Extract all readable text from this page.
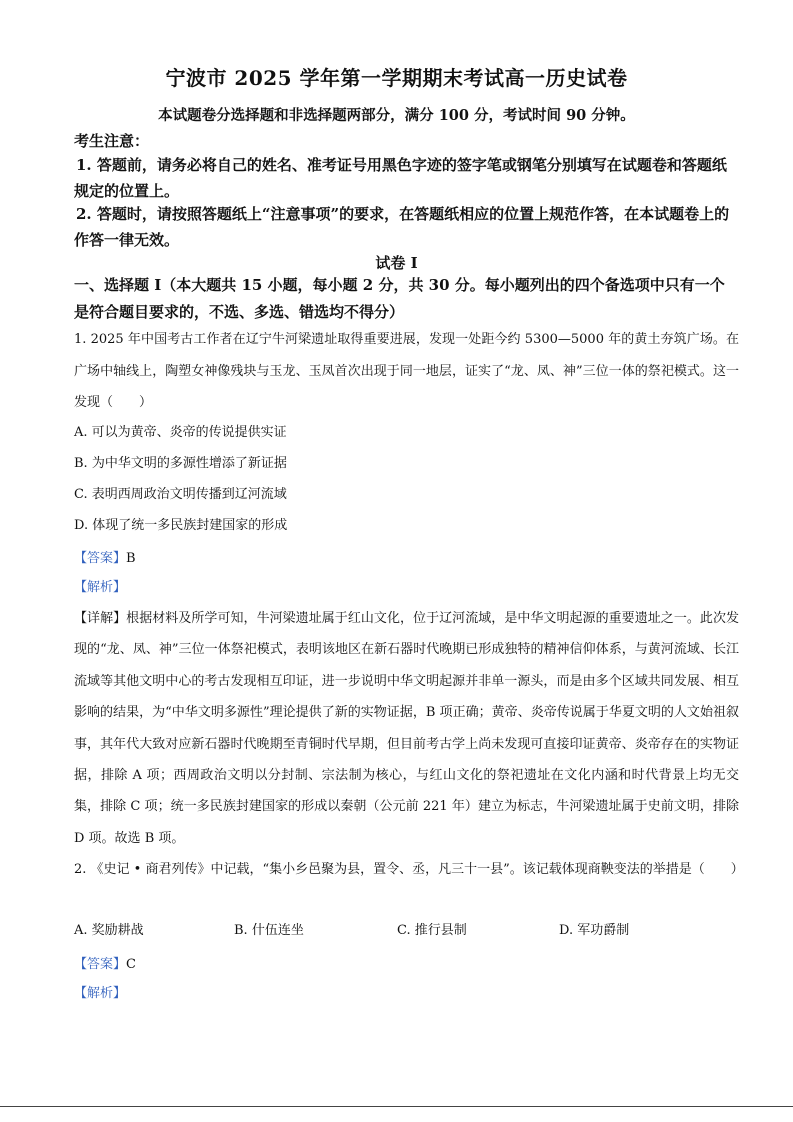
宁波市 2025 学年第一学期期末考试高一历史试卷
本试题卷分选择题和非选择题两部分，满分 100 分，考试时间 90 分钟。
考生注意：
1. 答题前，请务必将自己的姓名、准考证号用黑色字迹的签字笔或钢笔分别填写在试题卷和答题纸规定的位置上。
2. 答题时，请按照答题纸上“注意事项”的要求，在答题纸相应的位置上规范作答，在本试题卷上的作答一律无效。
试卷 I
一、选择题 I（本大题共 15 小题，每小题 2 分，共 30 分。每小题列出的四个备选项中只有一个是符合题目要求的，不选、多选、错选均不得分）
1. 2025 年中国考古工作者在辽宁牛河梁遗址取得重要进展，发现一处距今约 5300—5000 年的黄土夯筑广场。在广场中轴线上，陶塑女神像残块与玉龙、玉凤首次出现于同一地层，证实了“龙、凤、神”三位一体的祭祀模式。这一发现（　　）
A. 可以为黄帝、炎帝的传说提供实证
B. 为中华文明的多源性增添了新证据
C. 表明西周政治文明传播到辽河流域
D. 体现了统一多民族封建国家的形成
【答案】B
【解析】
【详解】根据材料及所学可知，牛河梁遗址属于红山文化，位于辽河流域，是中华文明起源的重要遗址之一。此次发现的“龙、凤、神”三位一体祭祀模式，表明该地区在新石器时代晚期已形成独特的精神信仰体系，与黄河流域、长江流域等其他文明中心的考古发现相互印证，进一步说明中华文明起源并非单一源头，而是由多个区域共同发展、相互影响的结果，为“中华文明多源性”理论提供了新的实物证据，B 项正确；黄帝、炎帝传说属于华夏文明的人文始祖叙事，其年代大致对应新石器时代晚期至青铜时代早期，但目前考古学上尚未发现可直接印证黄帝、炎帝存在的实物证据，排除 A 项；西周政治文明以分封制、宗法制为核心，与红山文化的祭祀遗址在文化内涵和时代背景上均无交集，排除 C 项；统一多民族封建国家的形成以秦朝（公元前 221 年）建立为标志，牛河梁遗址属于史前文明，排除 D 项。故选 B 项。
2. 《史记 • 商君列传》中记载，“集小乡邑聚为县，置令、丞，凡三十一县”。该记载体现商鞅变法的举措是（　　）
A. 奖励耕战	B. 什伍连坐	C. 推行县制	D. 军功爵制
【答案】C
【解析】
